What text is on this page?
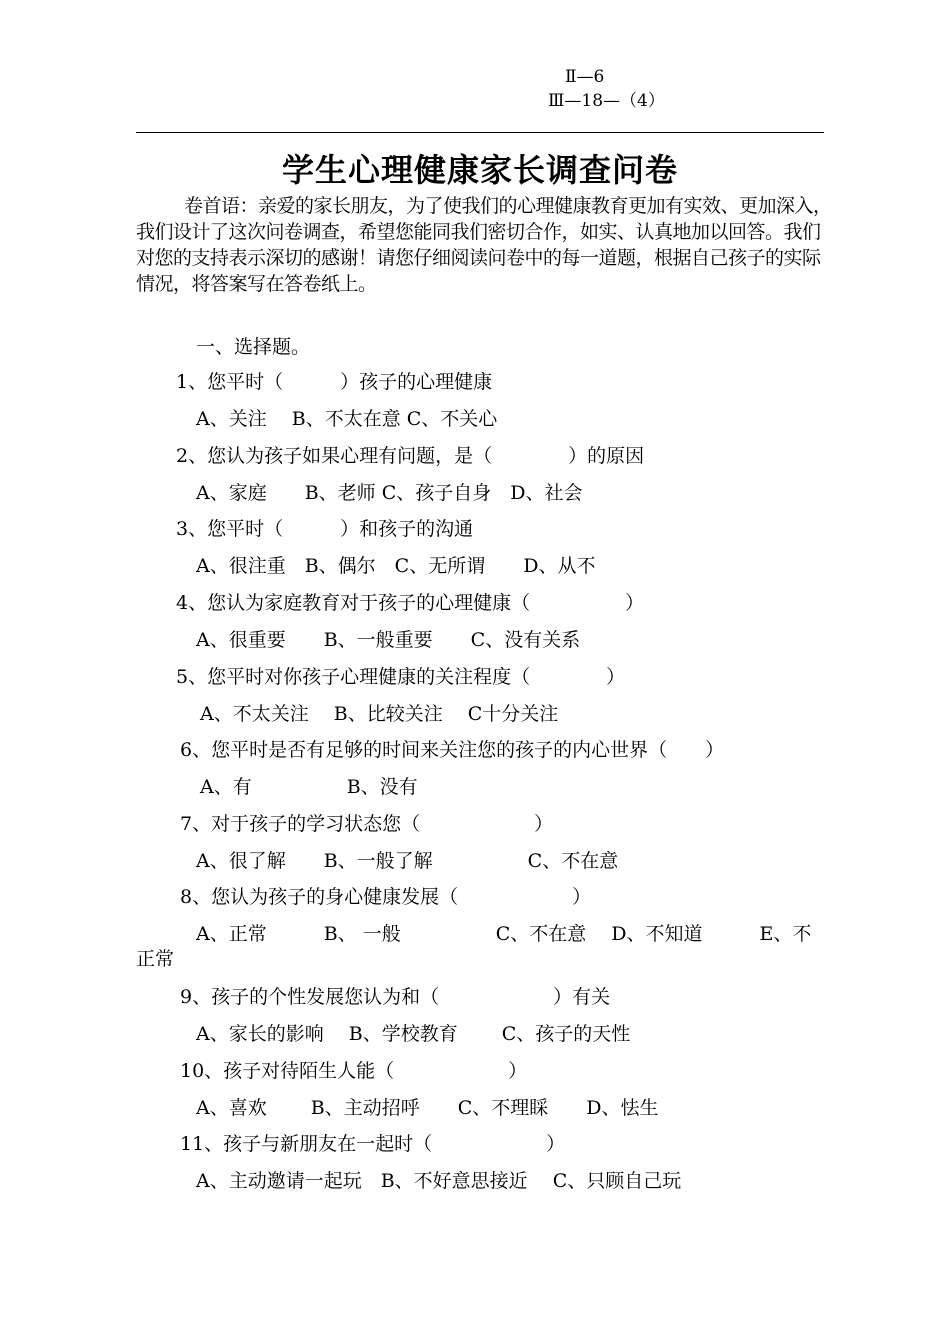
Ⅱ—6
Ⅲ—18—（4）
学生心理健康家长调查问卷

卷首语：亲爱的家长朋友，为了使我们的心理健康教育更加有实效、更加深入，我们设计了这次问卷调查，希望您能同我们密切合作，如实、认真地加以回答。我们对您的支持表示深切的感谢！请您仔细阅读问卷中的每一道题，根据自己孩子的实际情况，将答案写在答卷纸上。

一、选择题。
1、您平时（　　　）孩子的心理健康
A、关注　 B、不太在意 C、不关心
2、您认为孩子如果心理有问题，是（　　　　）的原因
A、家庭　　B、老师 C、孩子自身　D、社会
3、您平时（　　　）和孩子的沟通
A、很注重　B、偶尔　C、无所谓　　D、从不
4、您认为家庭教育对于孩子的心理健康（　　　　　）
A、很重要　　B、一般重要　　C、没有关系
5、您平时对你孩子心理健康的关注程度（　　　　）
A、不太关注　 B、比较关注　 C十分关注
6、您平时是否有足够的时间来关注您的孩子的内心世界（　　）
A、有　　　　　B、没有
7、对于孩子的学习状态您（　　　　　　）
A、很了解　　B、一般了解　　　　　C、不在意
8、您认为孩子的身心健康发展（　　　　　　）
A、正常　　　B、 一般　　　　　C、不在意　 D、不知道　　　E、不正常
9、孩子的个性发展您认为和（　　　　　　）有关
A、家长的影响　 B、学校教育　　 C、孩子的天性
10、孩子对待陌生人能（　　　　　　）
A、喜欢　　 B、主动招呼　　C、不理睬　　D、怯生
11、孩子与新朋友在一起时（　　　　　　）
A、主动邀请一起玩　B、不好意思接近　 C、只顾自己玩
